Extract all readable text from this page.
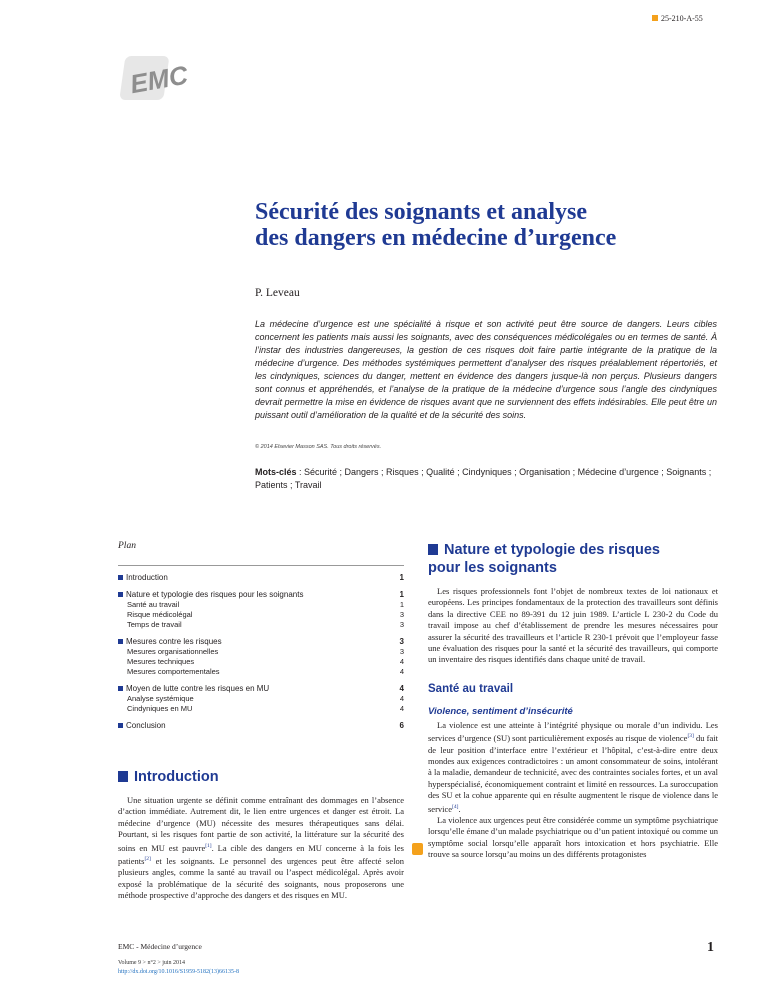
25-210-A-55
EMC
Sécurité des soignants et analyse
des dangers en médecine d’urgence
P. Leveau

La médecine d’urgence est une spécialité à risque et son activité peut être source de dangers. Leurs cibles concernent les patients mais aussi les soignants, avec des conséquences médicolégales ou en termes de santé. À l’instar des industries dangereuses, la gestion de ces risques doit faire partie intégrante de la pratique de la médecine d’urgence. Des méthodes systémiques permettent d’analyser des risques préalablement répertoriés, et les cindyniques, sciences du danger, mettent en évidence des dangers jusque-là non perçus. Plusieurs dangers sont connus et appréhendés, et l’analyse de la pratique de la médecine d’urgence sous l’angle des cindyniques devrait permettre la mise en évidence de risques avant que ne surviennent des effets indésirables. Elle peut être un puissant outil d’amélioration de la qualité et de la sécurité des soins.

© 2014 Elsevier Masson SAS. Tous droits réservés.
Mots-clés : Sécurité ; Dangers ; Risques ; Qualité ; Cindyniques ; Organisation ; Médecine d’urgence ; Soignants ; Patients ; Travail
Plan
Introduction	1
Nature et typologie des risques pour les soignants	1
Santé au travail	1
Risque médicolégal	3
Temps de travail	3
Mesures contre les risques	3
Mesures organisationnelles	3
Mesures techniques	4
Mesures comportementales	4
Moyen de lutte contre les risques en MU	4
Analyse systémique	4
Cindyniques en MU	4
Conclusion	6
Introduction

Une situation urgente se définit comme entraînant des dommages en l’absence d’action immédiate. Autrement dit, le lien entre urgences et danger est étroit. La médecine d’urgence (MU) nécessite des mesures thérapeutiques sans délai. Pourtant, si les risques font partie de son activité, la littérature sur la sécurité des soins en MU est pauvre[1]. La cible des dangers en MU concerne à la fois les patients[2] et les soignants. Le personnel des urgences peut être affecté selon plusieurs angles, comme la santé au travail ou l’aspect médicolégal. Après avoir exposé la problématique de la sécurité des soignants, nous proposerons une méthode prospective d’approche des dangers et des risques en MU.

Nature et typologie des risques
pour les soignants

Les risques professionnels font l’objet de nombreux textes de loi nationaux et européens. Les principes fondamentaux de la protection des travailleurs sont définis dans la directive CEE no 89-391 du 12 juin 1989. L’article L 230-2 du Code du travail impose au chef d’établissement de prendre les mesures nécessaires pour assurer la sécurité des travailleurs et l’article R 230-1 prévoit que l’employeur fasse une évaluation des risques pour la santé et la sécurité des travailleurs, qui comporte un inventaire des risques identifiés dans chaque unité de travail.

Santé au travail
Violence, sentiment d’insécurité

La violence est une atteinte à l’intégrité physique ou morale d’un individu. Les services d’urgence (SU) sont particulièrement exposés au risque de violence[3] du fait de leur position d’interface entre l’extérieur et l’hôpital, c’est-à-dire entre deux mondes aux exigences contradictoires : un amont consommateur de soins, intolérant à la maladie, demandeur de technicité, avec des contraintes sociales fortes, et un aval hyperspécialisé, économiquement contraint et limité en ressources. La suroccupation des SU et la cohue apparente qui en résulte augmentent le risque de violence dans le service[4].

La violence aux urgences peut être considérée comme un symptôme psychiatrique lorsqu’elle émane d’un malade psychiatrique ou d’un patient intoxiqué ou comme un symptôme social lorsqu’elle apparaît hors intoxication et hors psychiatrie. Elle trouve sa source lorsqu’au moins un des différents protagonistes

EMC - Médecine d’urgence
Volume 9 > n°2 > juin 2014
http://dx.doi.org/10.1016/S1959-5182(13)66135-8
1
